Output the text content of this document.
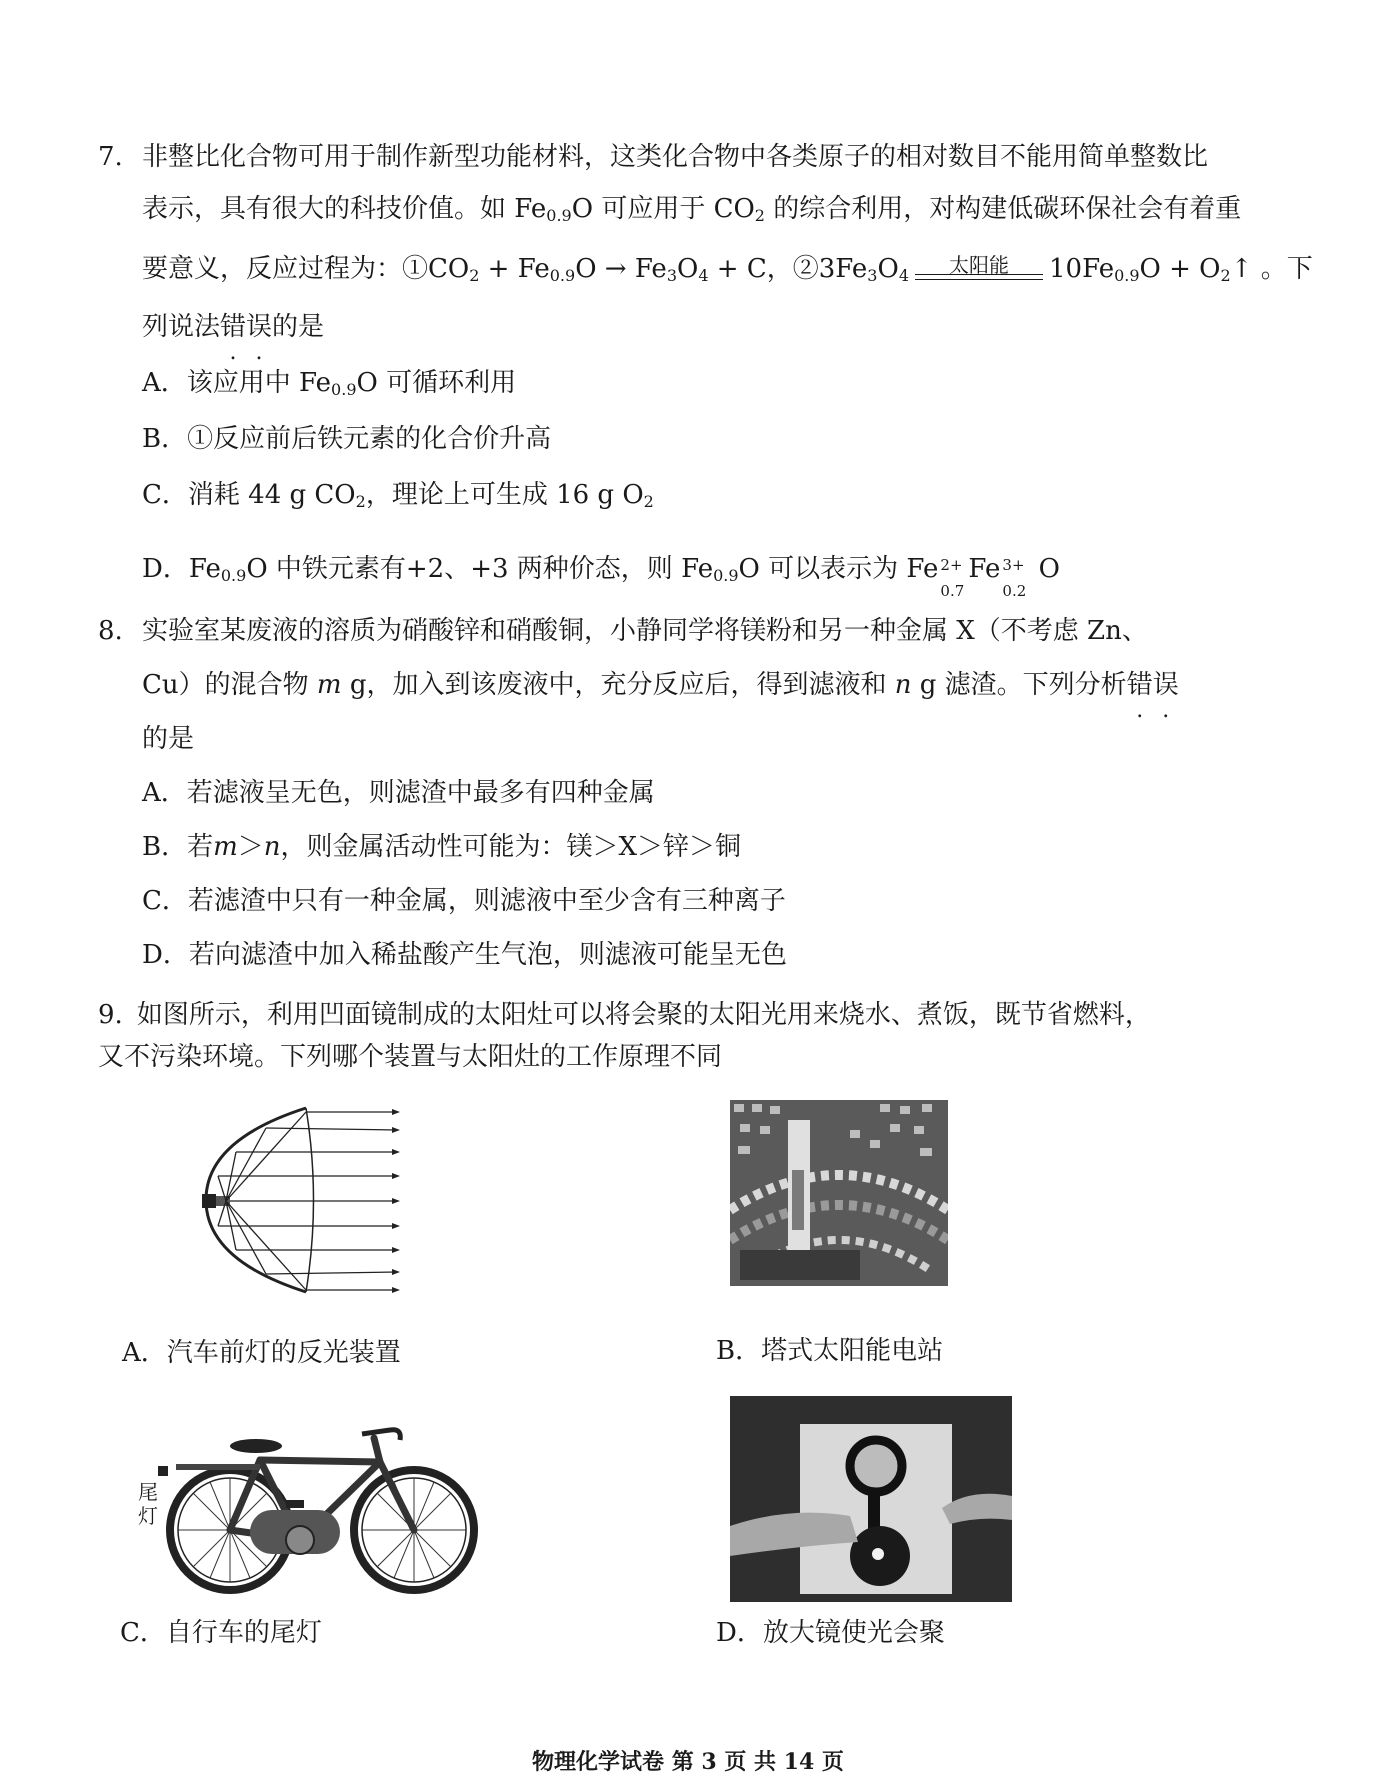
7. 非整比化合物可用于制作新型功能材料，这类化合物中各类原子的相对数目不能用简单整数比
表示，具有很大的科技价值。如 $Fe_{0.9}O$ 可应用于 $CO_2$ 的综合利用，对构建低碳环保社会有着重
要意义，反应过程为：$①CO_2 + Fe_{0.9}O \to Fe_3O_4 + C$，$②3Fe_3O_4$	太阳能	$10Fe_{0.9}O$ + $O_2↑$ 。下
列说法错误的是
A．该应用中 $Fe_{0.9}O$ 可循环利用
B．①反应前后铁元素的化合价升高
C．消耗 44 g $CO_2$，理论上可生成 16 g $O_2$
D．$Fe_{0.9}O$ 中铁元素有+2、+3 两种价态，则 $Fe_{0.9}O$ 可以表示为 Fe 2+
0.7
Fe 3+
0.2
O
8. 实验室某废液的溶质为硝酸锌和硝酸铜，小静同学将镁粉和另一种金属 X（不考虑 Zn、
Cu）的混合物 m g，加入到该废液中，充分反应后，得到滤液和 n g 滤渣。下列分析错误
的是
A．若滤液呈无色，则滤渣中最多有四种金属
B．若m＞n，则金属活动性可能为：镁＞X＞锌＞铜
C．若滤渣中只有一种金属，则滤液中至少含有三种离子
D．若向滤渣中加入稀盐酸产生气泡，则滤液可能呈无色
9. 如图所示，利用凹面镜制成的太阳灶可以将会聚的太阳光用来烧水、煮饭，既节省燃料，
又不污染环境。下列哪个装置与太阳灶的工作原理不同
A．汽车前灯的反光装置	B．塔式太阳能电站
尾灯
C．自行车的尾灯	D．放大镜使光会聚
物理化学试卷 第 3 页 共 14 页
